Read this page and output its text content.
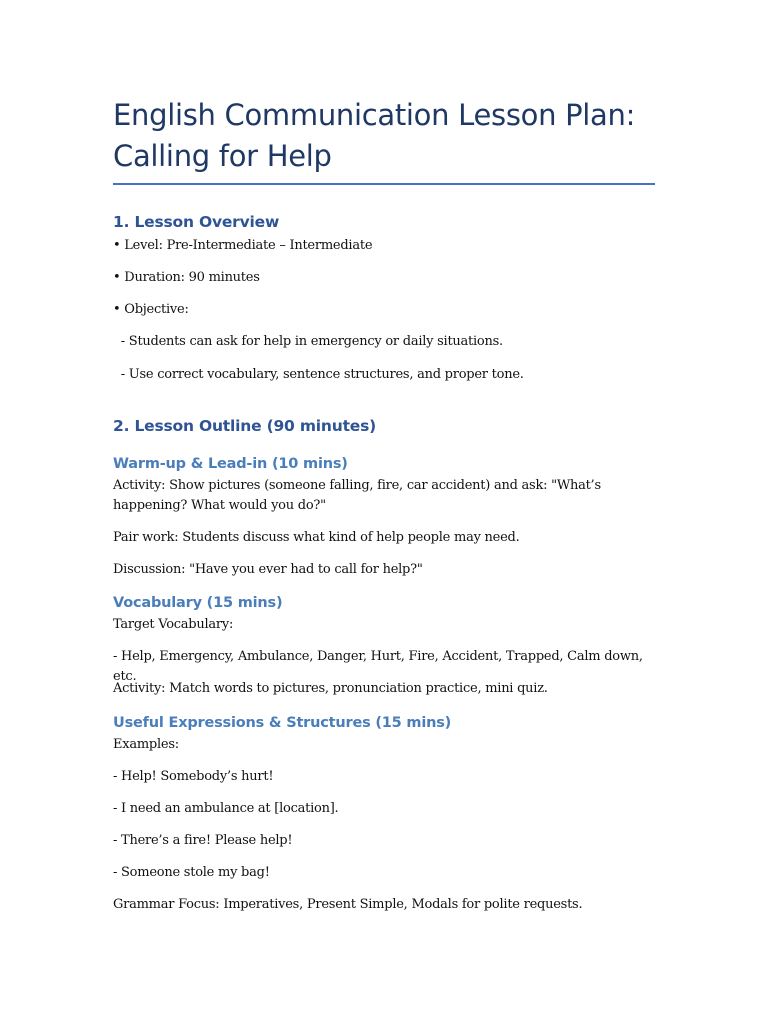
English Communication Lesson Plan: Calling for Help
1. Lesson Overview
• Level: Pre-Intermediate – Intermediate
• Duration: 90 minutes
• Objective:
- Students can ask for help in emergency or daily situations.
- Use correct vocabulary, sentence structures, and proper tone.
2. Lesson Outline (90 minutes)
Warm-up & Lead-in (10 mins)
Activity: Show pictures (someone falling, fire, car accident) and ask: "What’s happening? What would you do?"
Pair work: Students discuss what kind of help people may need.
Discussion: "Have you ever had to call for help?"
Vocabulary (15 mins)
Target Vocabulary:
- Help, Emergency, Ambulance, Danger, Hurt, Fire, Accident, Trapped, Calm down, etc.
Activity: Match words to pictures, pronunciation practice, mini quiz.
Useful Expressions & Structures (15 mins)
Examples:
- Help! Somebody’s hurt!
- I need an ambulance at [location].
- There’s a fire! Please help!
- Someone stole my bag!
Grammar Focus: Imperatives, Present Simple, Modals for polite requests.
